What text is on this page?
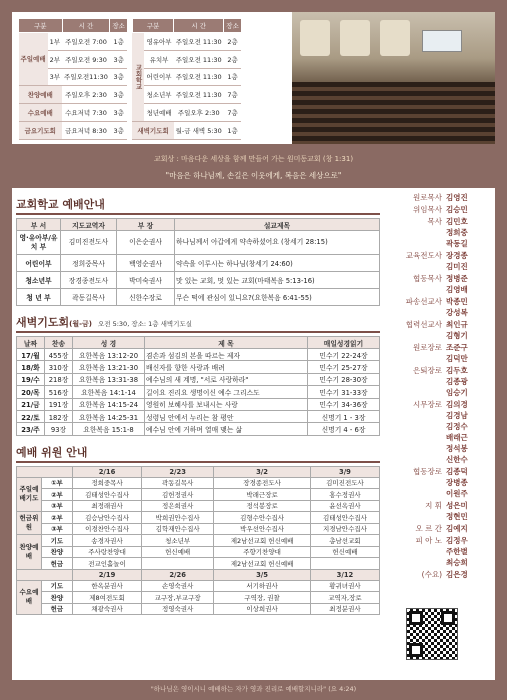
구분		시 간	장소
주일예배	1부	주일오전 7:00	1층
	2부	주일오전 9:30	3층
	3부	주일오전11:30	3층
찬양예배		주일오후 2:30	3층
수요예배		수요저녁 7:30	3층
금요기도회		금요저녁 8:30	3층
구분		시 간	장소
교회학교	영유아부	주일오전 11:30	2층
	유치부	주일오전 11:30	2층
	어린이부	주일오전 11:30	1층
	청소년부	주일오전 11:30	7층
	청년예배	주일오후 2:30	7층
새벽기도회		월-금 새벽 5:30	1층
교회상 : 마음다운 세상을 함께 만들어 가는 원미동교회 (창 1:31)
"마음은 하나님께, 손길은 이웃에게, 복음은 세상으로"
교회학교 예배안내
부 서	지도교역자	부 장	설교제목
영·유아부/유 치 부	김미진전도사	이은순권사	하나님께서 아갑에게 약속하셨어요 (창세기 28:15)
어린이부	정희중목사	백영순권사	약속을 이루시는 하나님(창세기 24:60)
청소년부	장경종전도사	박미숙권사	맛 있는 교회, 멋 있는 교회(마태복음 5:13-16)
청 년 부	곽동길목사	신한수장로	무슨 떡에 관심이 있니요?(요한복음 6:41-55)
새벽기도회(월-금) 오전 5:30, 장소: 1층 새벽기도실
날짜	찬송	성 경	제 목	매일성경읽기
17/월	455장	요한복음 13:12-20	겸손과 섬김의 본을 따르는 제자	민수기 22-24장
18/화	310장	요한복음 13:21-30	배신자를 향한 사랑과 배려	민수기 25-27장
19/수	218장	요한복음 13:31-38	예수님의 새 계명, "서로 사랑하라"	민수기 28-30장
20/목	516장	요한복음 14:1-14	길이요 진리요 생명이신 예수 그리스도	민수기 31-33장
21/금	191장	요한복음 14:15-24	영원히 보혜사를 보내시는 사랑	민수기 34-36장
22/토	182장	요한복음 14:25-31	성령님 안에서 누리는 참 평안	신명기 1 - 3장
23/주	93장	요한복음 15:1-8	예수님 안에 거하며 열매 맺는 삶	신명기 4 - 6장
예배 위원 안내
		2/16	2/23	3/2	3/9
주일예배기도	①부	정희중목사	곽동길목사	장경종전도사	김미진전도사
	②부	김태성안수집사	김헌정권사	박래근장로	홍수정권사
	③부	최정래권사	정은희권사	정석봉장로	윤선옥권사
헌금위원	②부	김승남안수집사	박희권안수집사	김형수안수집사	김태성안수집사
	③부	이경찬안수집사	김학재안수집사	박우선안수집사	지경남안수집사
찬양예배	기도	송경자권사	청소년부	제2남선교회 헌신예배	총남선교회
	찬양	주사랑찬양대	헌신예배	주향기찬양대	헌신예배
	헌금	전교인홀놀이		제2남선교회 헌신예배	
		2/19	2/26	3/5	3/12
수요예배	기도	한옥분권사	손영숙권사	서기하권사	황귀녀권사
	찬양	제8여전도회	교구장,부교구장	구역장, 권찰	교역자,장로
	헌금	채광숙권사	정영숙권사	이상희권사	최정분권사
원로목사 김영진
위임목사 김승민
목사 김민호
정희중
곽동길
교육전도사 장경종
김미진
협동목사 정병준
김영배
파송선교사 박종민
강성복
협력선교사 최인규
김형기
원로장로 조준구
김덕만
은퇴장로 김두호
김종광
임승기
시무장로 김의경
김경남
김정수
배래근
정석봉
신한수
협동장로 김종덕
장병종
이원주
지 휘 성은미
정현민
오 르 간 김예지
피 아 노 김정우
주한별
최승희
(수요) 김은경
"하나님은 영이시니 예배하는 자가 영과 진리로 예배할지니라" (요 4:24)
